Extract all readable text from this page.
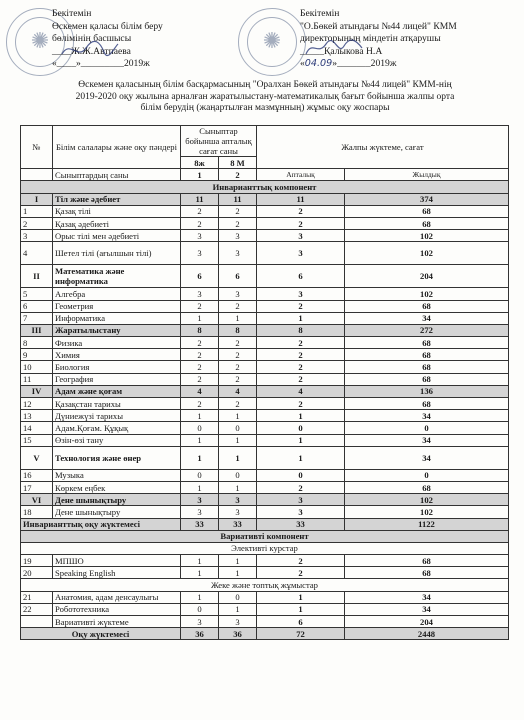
✺
✺
Бекітемін
Өскемен қаласы білім беру
бөлімінің басшысы
____Ж.Ж.Автпаева
«____»_________2019ж
Бекітемін
"О.Бөкей атындағы №44 лицей" КММ
директорының міндетін атқарушы
_____Қалыкова Н.А
«04.09»_______2019ж
Өскемен қаласының білім басқармасының "Оралхан Бөкей атындағы №44 лицей" КММ-нің
2019-2020 оқу жылына арналған жаратылыстану-математикалық бағыт бойынша жалпы орта
білім берудің (жаңартылған мазмұнның) жұмыс оқу жоспары
№	Білім салалары және оқу пәндері	Сыныптар бойынша апталық сағат саны		Жалпы жүктеме, сағат	
		8ж	8 М		
	Сыныптардың саны	1	2	Апталық	Жылдық
Инварианттық компонент					
I	Тіл және әдебиет	11	11	11	374
1	Қазақ тілі	2	2	2	68
2	Қазақ әдебиеті	2	2	2	68
3	Орыс тілі мен әдебиеті	3	3	3	102
4	Шетел тілі (ағылшын тілі)	3	3	3	102
II	Математика және информатика	6	6	6	204
5	Алгебра	3	3	3	102
6	Геометрия	2	2	2	68
7	Информатика	1	1	1	34
III	Жаратылыстану	8	8	8	272
8	Физика	2	2	2	68
9	Химия	2	2	2	68
10	Биология	2	2	2	68
11	География	2	2	2	68
IV	Адам және қоғам	4	4	4	136
12	Қазақстан тарихы	2	2	2	68
13	Дүниежүзі тарихы	1	1	1	34
14	Адам.Қоғам. Құқық	0	0	0	0
15	Өзін-өзі тану	1	1	1	34
V	Технология және өнер	1	1	1	34
16	Музыка	0	0	0	0
17	Көркем еңбек	1	1	2	68
VI	Дене шынықтыру	3	3	3	102
18	Дене шынықтыру	3	3	3	102
Инварианттық оқу жүктемесі		33	33	33	1122
Вариативті компонент					
Элективті курстар					
19	МПШО	1	1	2	68
20	Speaking English	1	1	2	68
Жеке және топтық жұмыстар					
21	Анатомия, адам денсаулығы	1	0	1	34
22	Робототехника	0	1	1	34
	Вариативті жүктеме	3	3	6	204
Оқу жүктемесі		36	36	72	2448
